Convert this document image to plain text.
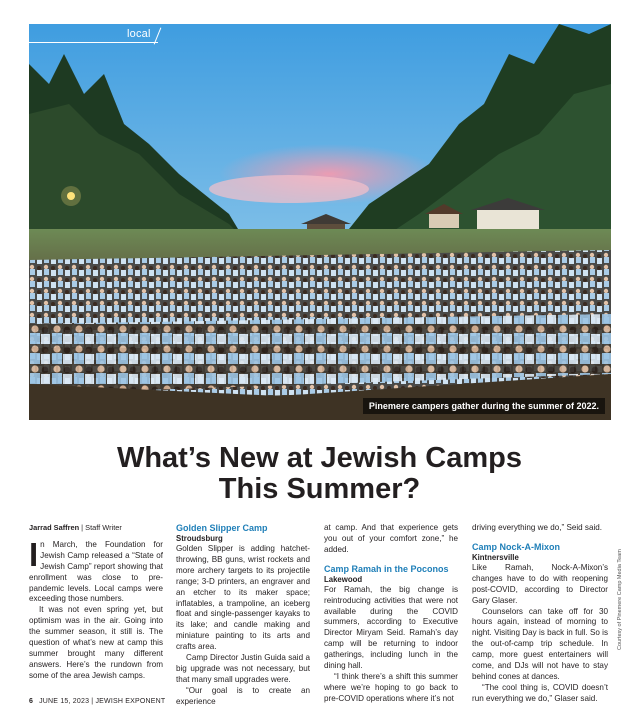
Pinemere campers gather during the summer of 2022.
local
What’s New at Jewish Camps
This Summer?
Jarrad Saffren | Staff Writer

In March, the Foundation for Jewish Camp released a “State of Jewish Camp” report showing that enrollment was close to pre-pandemic levels. Local camps were exceeding those numbers.

It was not even spring yet, but optimism was in the air. Going into the summer season, it still is. The question of what’s new at camp this summer brought many different answers. Here’s the rundown from some of the area Jewish camps.

Golden Slipper Camp
Stroudsburg

Golden Slipper is adding hatchet-throwing, BB guns, wrist rockets and more archery targets to its projectile range; 3-D printers, an engraver and an etcher to its maker space; inflatables, a trampoline, an iceberg float and single-passenger kayaks to its lake; and candle making and miniature painting to its arts and crafts area.

Camp Director Justin Guida said a big upgrade was not necessary, but that many small upgrades were.

“Our goal is to create an experience

at camp. And that experience gets you out of your comfort zone,” he added.

Camp Ramah in the Poconos
Lakewood

For Ramah, the big change is reintroducing activities that were not available during the COVID summers, according to Executive Director Miryam Seid. Ramah’s day camp will be returning to indoor gatherings, including lunch in the dining hall.

“I think there’s a shift this summer where we’re hoping to go back to pre-COVID operations where it’s not

driving everything we do,” Seid said.

Camp Nock-A-Mixon
Kintnersville

Like Ramah, Nock-A-Mixon’s changes have to do with reopening post-COVID, according to Director Gary Glaser.

Counselors can take off for 30 hours again, instead of morning to night. Visiting Day is back in full. So is the out-of-camp trip schedule. In camp, more guest entertainers will come, and DJs will not have to stay behind cones at dances.

“The cool thing is, COVID doesn’t run everything we do,” Glaser said.

Courtesy of Pinemere Camp Media Team
6 JUNE 15, 2023 | JEWISH EXPONENT
